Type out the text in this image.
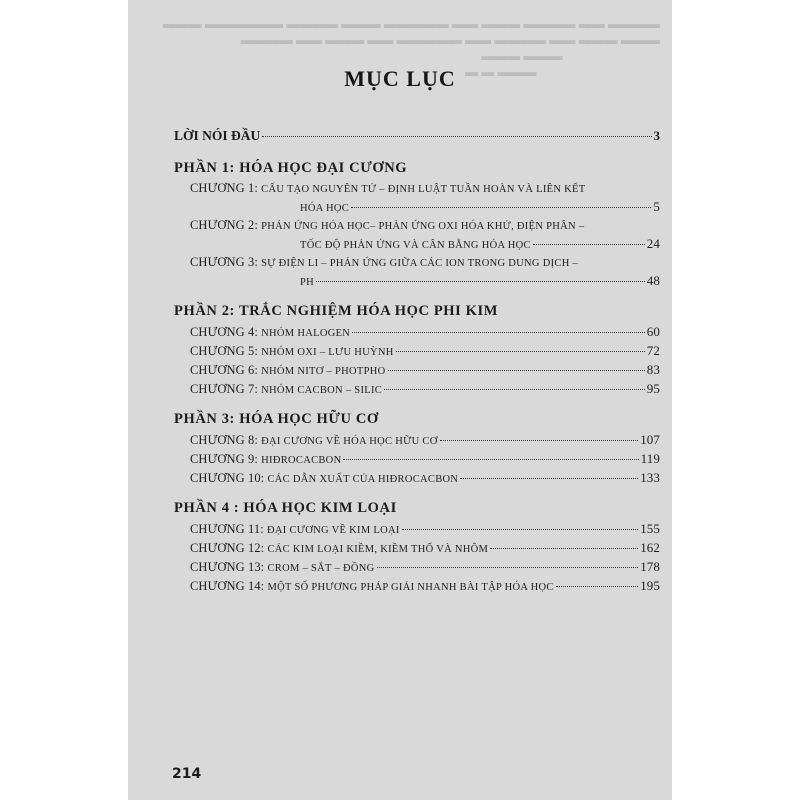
▬▬▬▬ ▬▬ ▬▬▬▬ ▬▬▬ ▬▬ ▬▬▬▬▬ ▬▬▬ ▬▬▬▬ ▬▬▬▬▬▬ ▬▬▬
▬▬▬ ▬▬▬ ▬▬ ▬▬▬▬ ▬▬ ▬▬▬▬▬ ▬▬ ▬▬▬ ▬▬ ▬▬▬▬
▬▬▬ ▬▬▬
▬▬▬ ▬ ▬
MỤC LỤC
LỜI NÓI ĐẦU	3
PHẦN 1: HÓA HỌC ĐẠI CƯƠNG
CHƯƠNG 1: CẤU TẠO NGUYÊN TỬ – ĐỊNH LUẬT TUẦN HOÀN VÀ LIÊN KẾT
HÓA HỌC	5
CHƯƠNG 2: PHẢN ỨNG HÓA HỌC– PHẢN ỨNG OXI HÓA KHỬ, ĐIỆN PHÂN –
TỐC ĐỘ PHẢN ỨNG VÀ CÂN BẰNG HÓA HỌC	24
CHƯƠNG 3: SỰ ĐIỆN LI – PHẢN ỨNG GIỮA CÁC ION TRONG DUNG DỊCH –
PH	48
PHẦN 2: TRẮC NGHIỆM HÓA HỌC PHI KIM
CHƯƠNG 4: NHÓM HALOGEN	60
CHƯƠNG 5: NHÓM OXI – LƯU HUỲNH	72
CHƯƠNG 6: NHÓM NITƠ – PHOTPHO	83
CHƯƠNG 7: NHÓM CACBON – SILIC	95
PHẦN 3: HÓA HỌC HỮU CƠ
CHƯƠNG 8: ĐẠI CƯƠNG VỀ HÓA HỌC HỮU CƠ	107
CHƯƠNG 9: HIĐROCACBON	119
CHƯƠNG 10: CÁC DẪN XUẤT CỦA HIĐROCACBON	133
PHẦN 4 : HÓA HỌC KIM LOẠI
CHƯƠNG 11: ĐẠI CƯƠNG VỀ KIM LOẠI	155
CHƯƠNG 12: CÁC KIM LOẠI KIỀM, KIỀM THỔ VÀ NHÔM	162
CHƯƠNG 13: CROM – SẮT – ĐỒNG	178
CHƯƠNG 14: MỘT SỐ PHƯƠNG PHÁP GIẢI NHANH BÀI TẬP HÓA HỌC	195
214
